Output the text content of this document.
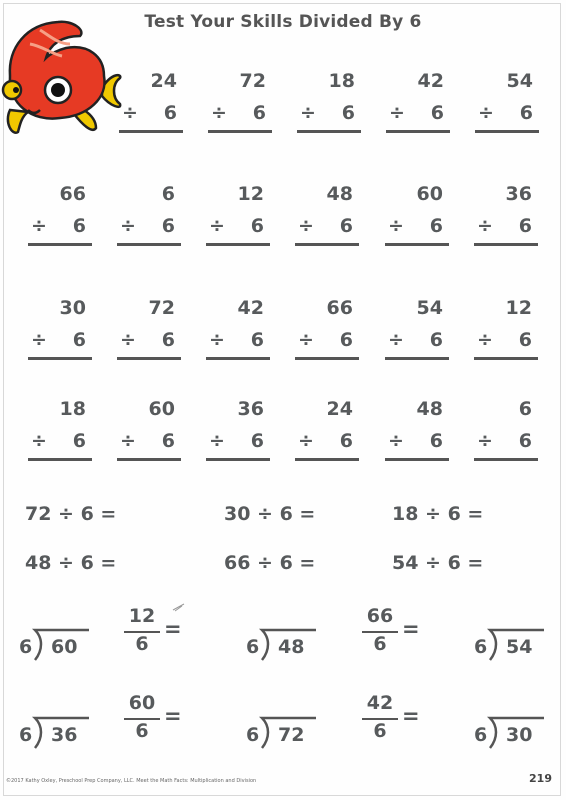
Test Your Skills Divided By 6
24
÷ 6
72
÷ 6
18
÷ 6
42
÷ 6
54
÷ 6
66
÷ 6
6
÷ 6
12
÷ 6
48
÷ 6
60
÷ 6
36
÷ 6
30
÷ 6
72
÷ 6
42
÷ 6
66
÷ 6
54
÷ 6
12
÷ 6
18
÷ 6
60
÷ 6
36
÷ 6
24
÷ 6
48
÷ 6
6
÷ 6
72 ÷ 6 =	30 ÷ 6 =	18 ÷ 6 =
48 ÷ 6 =	66 ÷ 6 =	54 ÷ 6 =
6 60	6 48	6 54
6 36	6 72	6 30
12
6
=
66
6
=
60
6
=
42
6
=
©2017 Kathy Oxley, Preschool Prep Company, LLC. Meet the Math Facts: Multiplication and Division	219
